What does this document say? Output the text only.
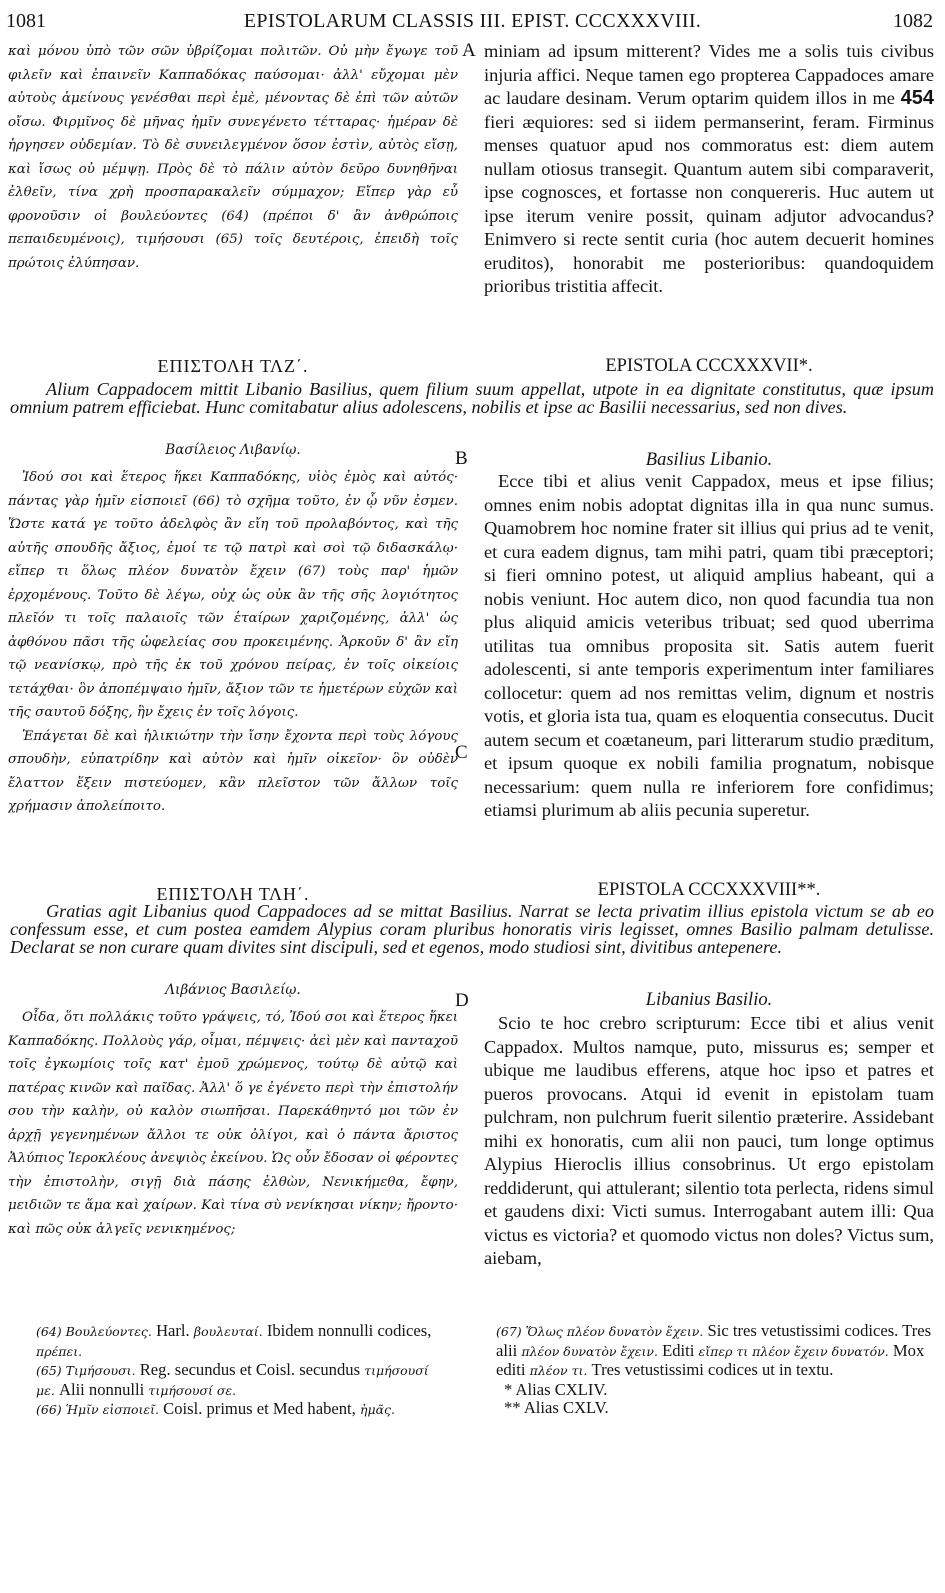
1081	EPISTOLARUM CLASSIS III. EPIST. CCCXXXVIII.	1082

καὶ μόνου ὑπὸ τῶν σῶν ὑβρίζομαι πολιτῶν. Οὐ μὴν ἔγωγε τοῦ φιλεῖν καὶ ἐπαινεῖν Καππαδόκας παύσομαι· ἀλλ' εὔχομαι μὲν αὐτοὺς ἀμείνους γενέσθαι περὶ ἐμὲ, μένοντας δὲ ἐπὶ τῶν αὐτῶν οἴσω. Φιρμῖνος δὲ μῆνας ἡμῖν συνεγένετο τέτταρας· ἡμέραν δὲ ἠργησεν οὐδεμίαν. Τὸ δὲ συνειλεγμένον ὅσον ἐστὶν, αὐτὸς εἴσῃ, καὶ ἴσως οὐ μέμψῃ. Πρὸς δὲ τὸ πάλιν αὐτὸν δεῦρο δυνηθῆναι ἐλθεῖν, τίνα χρὴ προσπαρακαλεῖν σύμμαχον; Εἴπερ γὰρ εὖ φρονοῦσιν οἱ βουλεύοντες (64) (πρέποι δ' ἂν ἀνθρώποις πεπαιδευμένοις), τιμήσουσι (65) τοῖς δευτέροις, ἐπειδὴ τοῖς πρώτοις ἐλύπησαν.

A miniam ad ipsum mitterent? Vides me a solis tuis civibus injuria affici. Neque tamen ego propterea Cappadoces amare ac laudare desinam. Verum optarim quidem illos in me 454 fieri æquiores: sed si iidem permanserint, feram. Firminus menses quatuor apud nos commoratus est: diem autem nullam otiosus transegit. Quantum autem sibi comparaverit, ipse cognosces, et fortasse non conquereris. Huc autem ut ipse iterum venire possit, quinam adjutor advocandus? Enimvero si recte sentit curia (hoc autem decuerit homines eruditos), honorabit me posterioribus: quandoquidem prioribus tristitia affecit.

ΕΠΙΣΤΟΛΗ ΤΛΖ΄.	EPISTOLA CCCXXXVII*.

Alium Cappadocem mittit Libanio Basilius, quem filium suum appellat, utpote in ea dignitate constitutus, quæ ipsum omnium patrem efficiebat. Hunc comitabatur alius adolescens, nobilis et ipse ac Basilii necessarius, sed non dives.

Βασίλειος Λιβανίῳ.	B	Basilius Libanio.

Ἰδού σοι καὶ ἕτερος ἥκει Καππαδόκης, υἱὸς ἐμὸς καὶ αὐτός· πάντας γὰρ ἡμῖν εἰσποιεῖ (66) τὸ σχῆμα τοῦτο, ἐν ᾧ νῦν ἐσμεν. Ὥστε κατά γε τοῦτο ἀδελφὸς ἂν εἴη τοῦ προλαβόντος, καὶ τῆς αὐτῆς σπουδῆς ἄξιος, ἐμοί τε τῷ πατρὶ καὶ σοὶ τῷ διδασκάλῳ· εἴπερ τι ὅλως πλέον δυνατὸν ἔχειν (67) τοὺς παρ' ἡμῶν ἐρχομένους. Τοῦτο δὲ λέγω, οὐχ ὡς οὐκ ἂν τῆς σῆς λογιότητος πλεῖόν τι τοῖς παλαιοῖς τῶν ἑταίρων χαριζομένης, ἀλλ' ὡς ἀφθόνου πᾶσι τῆς ὠφελείας σου προκειμένης. Ἀρκοῦν δ' ἂν εἴη τῷ νεανίσκῳ, πρὸ τῆς ἐκ τοῦ χρόνου πείρας, ἐν τοῖς οἰκείοις τετάχθαι· ὃν ἀποπέμψαιο ἡμῖν, ἄξιον τῶν τε ἡμετέρων εὐχῶν καὶ τῆς σαυτοῦ δόξης, ἣν ἔχεις ἐν τοῖς λόγοις.

Ἐπάγεται δὲ καὶ ἡλικιώτην τὴν ἴσην ἔχοντα περὶ τοὺς λόγους σπουδὴν, εὐπατρίδην καὶ αὐτὸν καὶ ἡμῖν οἰκεῖον· ὃν οὐδὲν ἔλαττον ἕξειν πιστεύομεν, κἂν πλεῖστον τῶν ἄλλων τοῖς χρήμασιν ἀπολείποιτο.

C

Ecce tibi et alius venit Cappadox, meus et ipse filius; omnes enim nobis adoptat dignitas illa in qua nunc sumus. Quamobrem hoc nomine frater sit illius qui prius ad te venit, et cura eadem dignus, tam mihi patri, quam tibi præceptori; si fieri omnino potest, ut aliquid amplius habeant, qui a nobis veniunt. Hoc autem dico, non quod facundia tua non plus aliquid amicis veteribus tribuat; sed quod uberrima utilitas tua omnibus proposita sit. Satis autem fuerit adolescenti, si ante temporis experimentum inter familiares collocetur: quem ad nos remittas velim, dignum et nostris votis, et gloria ista tua, quam es eloquentia consecutus. Ducit autem secum et coætaneum, pari litterarum studio præditum, et ipsum quoque ex nobili familia prognatum, nobisque necessarium: quem nulla re inferiorem fore confidimus; etiamsi plurimum ab aliis pecunia superetur.

ΕΠΙΣΤΟΛΗ ΤΛΗ΄.	EPISTOLA CCCXXXVIII**.

Gratias agit Libanius quod Cappadoces ad se mittat Basilius. Narrat se lecta privatim illius epistola victum se ab eo confessum esse, et cum postea eamdem Alypius coram pluribus honoratis viris legisset, omnes Basilio palmam detulisse. Declarat se non curare quam divites sint discipuli, sed et egenos, modo studiosi sint, divitibus antepenere.

Λιβάνιος Βασιλείῳ.	D	Libanius Basilio.

Οἶδα, ὅτι πολλάκις τοῦτο γράψεις, τό, Ἰδού σοι καὶ ἕτερος ἥκει Καππαδόκης. Πολλοὺς γάρ, οἶμαι, πέμψεις· ἀεὶ μὲν καὶ πανταχοῦ τοῖς ἐγκωμίοις τοῖς κατ' ἐμοῦ χρώμενος, τούτῳ δὲ αὐτῷ καὶ πατέρας κινῶν καὶ παῖδας. Ἀλλ' ὅ γε ἐγένετο περὶ τὴν ἐπιστολήν σου τὴν καλὴν, οὐ καλὸν σιωπῆσαι. Παρεκάθηντό μοι τῶν ἐν ἀρχῇ γεγενημένων ἄλλοι τε οὐκ ὀλίγοι, καὶ ὁ πάντα ἄριστος Ἀλύπιος Ἱεροκλέους ἀνεψιὸς ἐκείνου. Ὡς οὖν ἔδοσαν οἱ φέροντες τὴν ἐπιστολὴν, σιγῇ διὰ πάσης ἐλθὼν, Νενικήμεθα, ἔφην, μειδιῶν τε ἅμα καὶ χαίρων. Καὶ τίνα σὺ νενίκησαι νίκην; ἤροντο· καὶ πῶς οὐκ ἀλγεῖς νενικημένος;

Scio te hoc crebro scripturum: Ecce tibi et alius venit Cappadox. Multos namque, puto, missurus es; semper et ubique me laudibus efferens, atque hoc ipso et patres et pueros provocans. Atqui id evenit in epistolam tuam pulchram, non pulchrum fuerit silentio præterire. Assidebant mihi ex honoratis, cum alii non pauci, tum longe optimus Alypius Hieroclis illius consobrinus. Ut ergo epistolam reddiderunt, qui attulerant; silentio tota perlecta, ridens simul et gaudens dixi: Victi sumus. Interrogabant autem illi: Qua victus es victoria? et quomodo victus non doles? Victus sum, aiebam,

(64) Βουλεύοντες. Harl. βουλευταί. Ibidem nonnulli codices, πρέπει.

(65) Τιμήσουσι. Reg. secundus et Coisl. secundus τιμήσουσί με. Alii nonnulli τιμήσουσί σε.

(66) Ἡμῖν εἰσποιεῖ. Coisl. primus et Med habent, ἡμᾶς.

(67) Ὅλως πλέον δυνατὸν ἔχειν. Sic tres vetustissimi codices. Tres alii πλέον δυνατὸν ἔχειν. Editi εἴπερ τι πλέον ἔχειν δυνατόν. Mox editi πλέον τι. Tres vetustissimi codices ut in textu.

* Alias CXLIV.

** Alias CXLV.
